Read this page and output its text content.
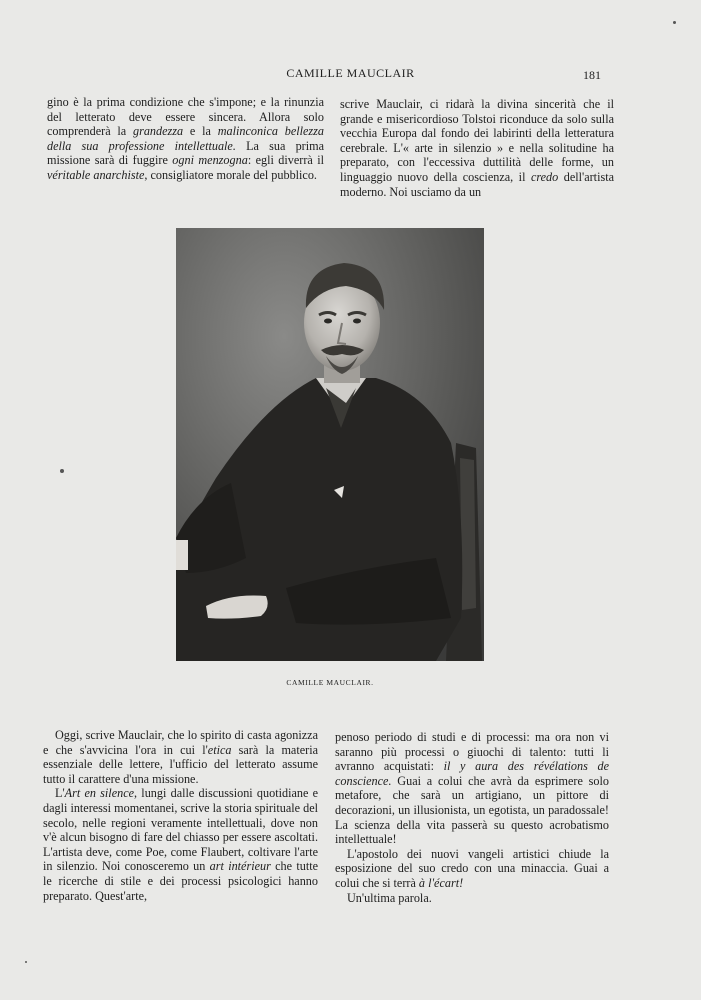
CAMILLE MAUCLAIR	181

gino è la prima condizione che s'impone; e la rinunzia del letterato deve essere sincera. Allora solo comprenderà la grandezza e la malinconica bellezza della sua professione intellettuale. La sua prima missione sarà di fuggire ogni menzogna: egli diverrà il véritable anarchiste, consigliatore morale del pubblico.

scrive Mauclair, ci ridarà la divina sincerità che il grande e misericordioso Tolstoi riconduce da solo sulla vecchia Europa dal fondo dei labirinti della letteratura cerebrale. L'« arte in silenzio » e nella solitudine ha preparato, con l'eccessiva duttilità delle forme, un linguaggio nuovo della coscienza, il credo dell'artista moderno. Noi usciamo da un

CAMILLE MAUCLAIR.

Oggi, scrive Mauclair, che lo spirito di casta agonizza e che s'avvicina l'ora in cui l'etica sarà la materia essenziale delle lettere, l'ufficio del letterato assume tutto il carattere d'una missione.

L'Art en silence, lungi dalle discussioni quotidiane e dagli interessi momentanei, scrive la storia spirituale del secolo, nelle regioni veramente intellettuali, dove non v'è alcun bisogno di fare del chiasso per essere ascoltati. L'artista deve, come Poe, come Flaubert, coltivare l'arte in silenzio. Noi conosceremo un art intérieur che tutte le ricerche di stile e dei processi psicologici hanno preparato. Quest'arte,

penoso periodo di studi e di processi: ma ora non vi saranno più processi o giuochi di talento: tutti li avranno acquistati: il y aura des révélations de conscience. Guai a colui che avrà da esprimere solo metafore, che sarà un artigiano, un pittore di decorazioni, un illusionista, un egotista, un paradossale! La scienza della vita passerà su questo acrobatismo intellettuale!

L'apostolo dei nuovi vangeli artistici chiude la esposizione del suo credo con una minaccia. Guai a colui che si terrà à l'écart!

Un'ultima parola.
